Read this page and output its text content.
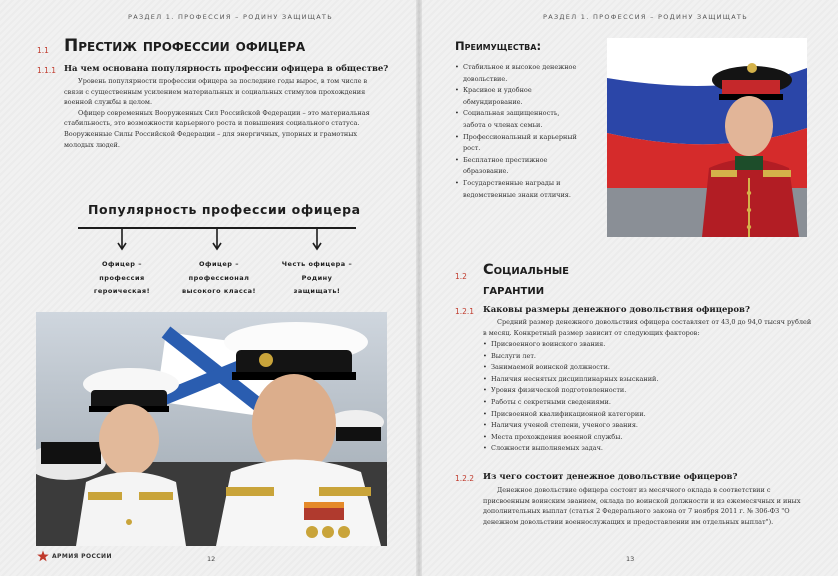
РАЗДЕЛ 1. ПРОФЕССИЯ – РОДИНУ ЗАЩИЩАТЬ
1.1 Престиж профессии офицера
1.1.1 На чем основана популярность профессии офицера в обществе?

Уровень популярности профессии офицера за последние годы вырос, в том числе в связи с существенным усилением материальных и социальных стимулов прохождения военной службы в целом.

Офицер современных Вооруженных Сил Российской Федерации – это материальная стабильность, это возможности карьерного роста и повышения социального статуса. Вооруженные Силы Российской Федерации – для энергичных, упорных и грамотных молодых людей.

Популярность профессии офицера
Офицер – профессия героическая!
Офицер – профессионал высокого класса!
Честь офицера – Родину защищать!
АРМИЯ РОССИИ	12
РАЗДЕЛ 1. ПРОФЕССИЯ – РОДИНУ ЗАЩИЩАТЬ
Преимущества:
• Стабильное и высокое денежное довольствие.
• Красивое и удобное обмундирование.
• Социальная защищенность, забота о членах семьи.
• Профессиональный и карьерный рост.
• Бесплатное престижное образование.
• Государственные награды и ведомственные знаки отличия.
1.2 Социальные
гарантии
1.2.1 Каковы размеры денежного довольствия офицеров?

Средний размер денежного довольствия офицера составляет от 43,0 до 94,0 тысяч рублей в месяц. Конкретный размер зависит от следующих факторов:

• Присвоенного воинского звания.
• Выслуги лет.
• Занимаемой воинской должности.
• Наличия неснятых дисциплинарных взысканий.
• Уровня физической подготовленности.
• Работы с секретными сведениями.
• Присвоенной квалификационной категории.
• Наличия ученой степени, ученого звания.
• Места прохождения военной службы.
• Сложности выполняемых задач.
1.2.2 Из чего состоит денежное довольствие офицеров?

Денежное довольствие офицера состоит из месячного оклада в соответствии с присвоенным воинским званием, оклада по воинской должности и из ежемесячных и иных дополнительных выплат (статья 2 Федерального закона от 7 ноября 2011 г. № 306-ФЗ "О денежном довольствии военнослужащих и предоставлении им отдельных выплат").

13
